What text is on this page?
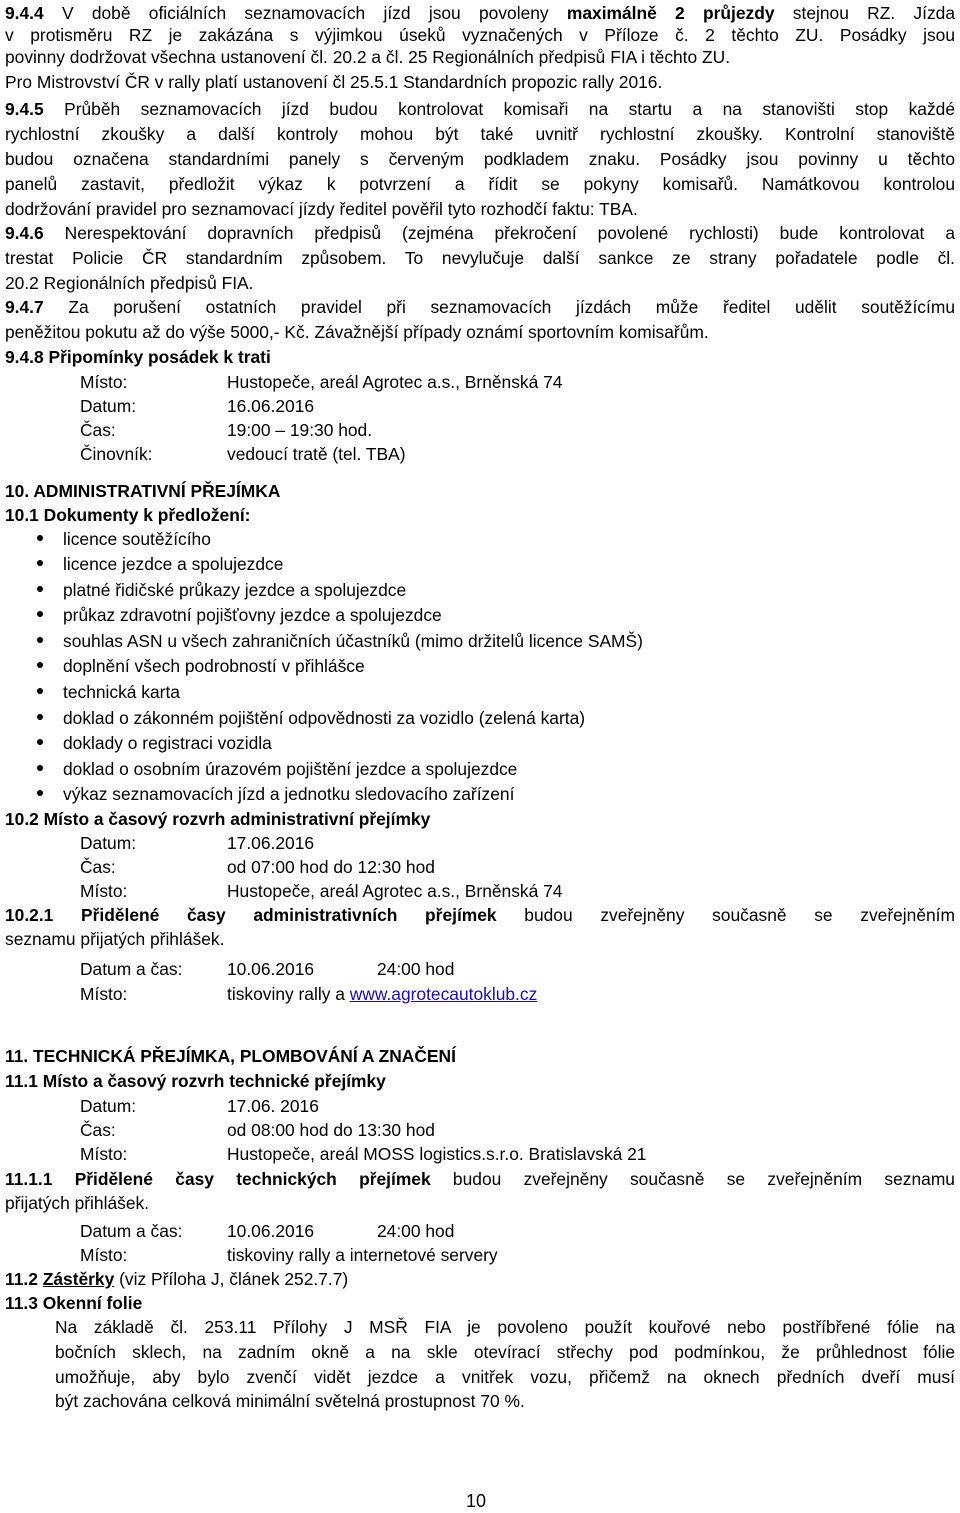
9.4.4 V době oficiálních seznamovacích jízd jsou povoleny maximálně 2 průjezdy stejnou RZ. Jízda
v protisměru RZ je zakázána s výjimkou úseků vyznačených v Příloze č. 2 těchto ZU. Posádky jsou
povinny dodržovat všechna ustanovení čl. 20.2 a čl. 25 Regionálních předpisů FIA i těchto ZU.
Pro Mistrovství ČR v rally platí ustanovení čl 25.5.1 Standardních propozic rally 2016.
9.4.5 Průběh seznamovacích jízd budou kontrolovat komisaři na startu a na stanovišti stop každé
rychlostní zkoušky a další kontroly mohou být také uvnitř rychlostní zkoušky. Kontrolní stanoviště
budou označena standardními panely s červeným podkladem znaku. Posádky jsou povinny u těchto
panelů zastavit, předložit výkaz k potvrzení a řídit se pokyny komisařů. Namátkovou kontrolou
dodržování pravidel pro seznamovací jízdy ředitel pověřil tyto rozhodčí faktu: TBA.
9.4.6 Nerespektování dopravních předpisů (zejména překročení povolené rychlosti) bude kontrolovat a
trestat Policie ČR standardním způsobem. To nevylučuje další sankce ze strany pořadatele podle čl.
20.2 Regionálních předpisů FIA.
9.4.7 Za porušení ostatních pravidel při seznamovacích jízdách může ředitel udělit soutěžícímu
peněžitou pokutu až do výše 5000,- Kč. Závažnější případy oznámí sportovním komisařům.
9.4.8 Připomínky posádek k trati
Místo:	Hustopeče, areál Agrotec a.s., Brněnská 74
Datum:	16.06.2016
Čas:	19:00 – 19:30 hod.
Činovník:	vedoucí tratě (tel. TBA)
10. ADMINISTRATIVNÍ PŘEJÍMKA
10.1 Dokumenty k předložení:
licence soutěžícího
licence jezdce a spolujezdce
platné řidičské průkazy jezdce a spolujezdce
průkaz zdravotní pojišťovny jezdce a spolujezdce
souhlas ASN u všech zahraničních účastníků (mimo držitelů licence SAMŠ)
doplnění všech podrobností v přihlášce
technická karta
doklad o zákonném pojištění odpovědnosti za vozidlo (zelená karta)
doklady o registraci vozidla
doklad o osobním úrazovém pojištění jezdce a spolujezdce
výkaz seznamovacích jízd a jednotku sledovacího zařízení
10.2 Místo a časový rozvrh administrativní přejímky
Datum:	17.06.2016
Čas:	od 07:00 hod do 12:30 hod
Místo:	Hustopeče, areál Agrotec a.s., Brněnská 74
10.2.1 Přidělené časy administrativních přejímek budou zveřejněny současně se zveřejněním
seznamu přijatých přihlášek.
Datum a čas:	10.06.2016	24:00 hod
Místo:	tiskoviny rally a www.agrotecautoklub.cz
11. TECHNICKÁ PŘEJÍMKA, PLOMBOVÁNÍ A ZNAČENÍ
11.1 Místo a časový rozvrh technické přejímky
Datum:	17.06. 2016
Čas:	od 08:00 hod do 13:30 hod
Místo:	Hustopeče, areál MOSS logistics.s.r.o. Bratislavská 21
11.1.1 Přidělené časy technických přejímek budou zveřejněny současně se zveřejněním seznamu
přijatých přihlášek.
Datum a čas:	10.06.2016	24:00 hod
Místo:	tiskoviny rally a internetové servery
11.2 Zástěrky (viz Příloha J, článek 252.7.7)
11.3 Okenní folie
Na základě čl. 253.11 Přílohy J MSŘ FIA je povoleno použít kouřové nebo postříbřené fólie na
bočních sklech, na zadním okně a na skle otevírací střechy pod podmínkou, že průhlednost fólie
umožňuje, aby bylo zvenčí vidět jezdce a vnitřek vozu, přičemž na oknech předních dveří musí
být zachována celková minimální světelná prostupnost 70 %.
10
